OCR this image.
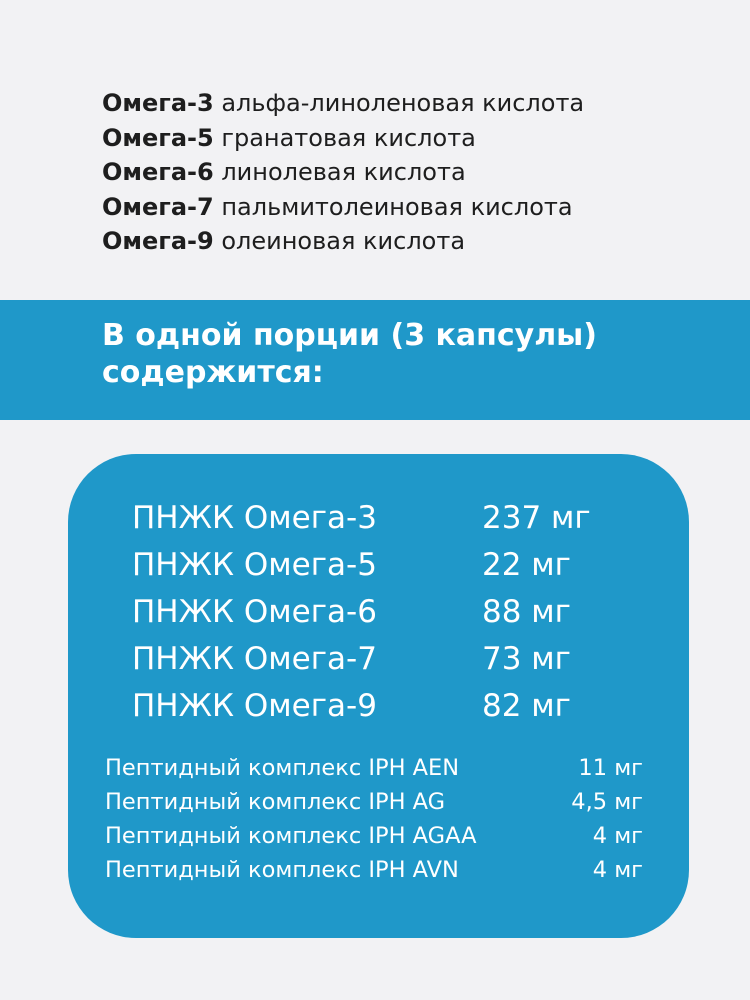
Омега-3 альфа-линоленовая кислота
Омега-5 гранатовая кислота
Омега-6 линолевая кислота
Омега-7 пальмитолеиновая кислота
Омега-9 олеиновая кислота
В одной порции (3 капсулы) содержится:
ПНЖК Омега-3	237 мг
ПНЖК Омега-5	22 мг
ПНЖК Омега-6	88 мг
ПНЖК Омега-7	73 мг
ПНЖК Омега-9	82 мг
Пептидный комплекс IPH AEN	11 мг
Пептидный комплекс IPH AG	4,5 мг
Пептидный комплекс IPH AGAA	4 мг
Пептидный комплекс IPH AVN	4 мг
